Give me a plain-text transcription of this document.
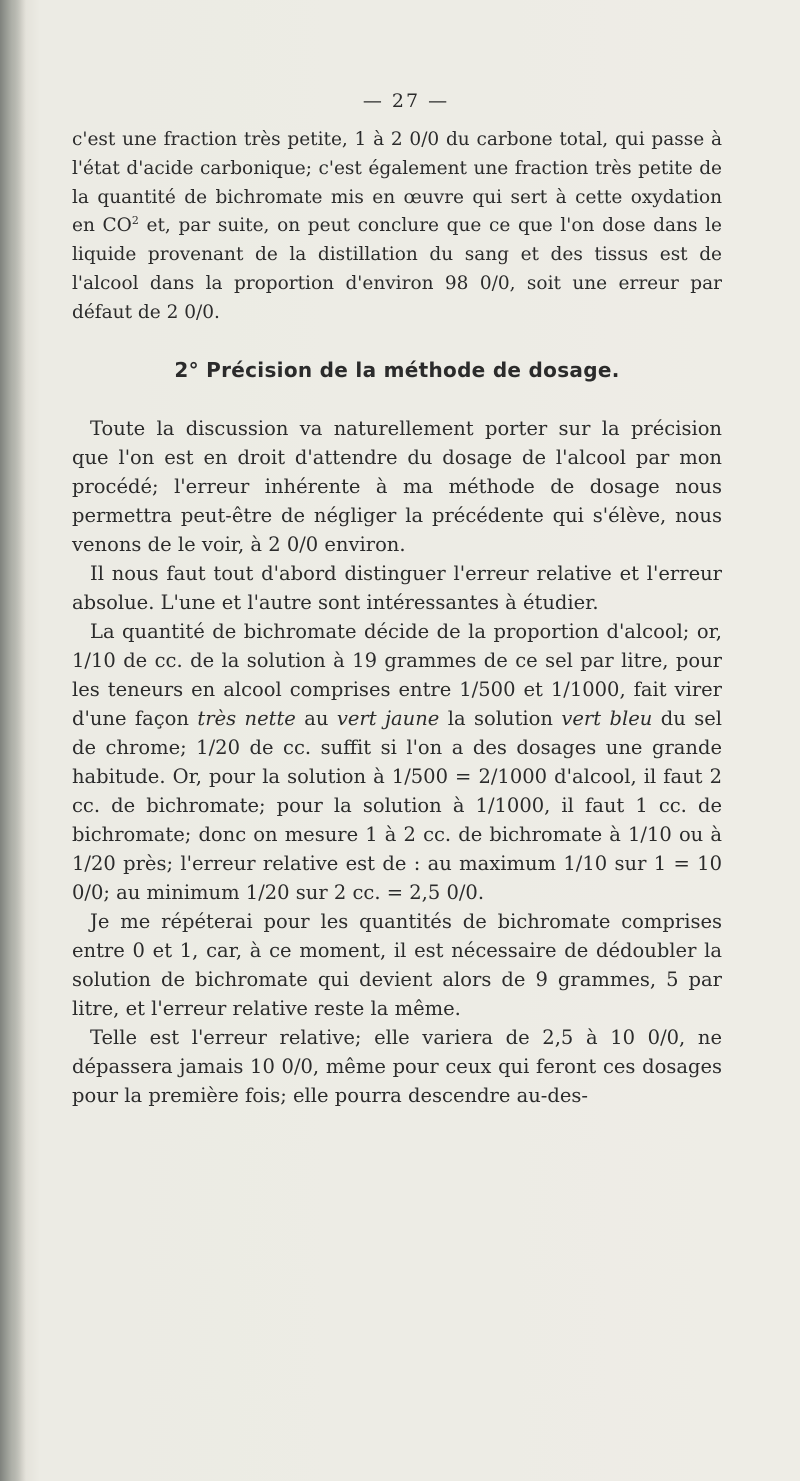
— 27 —

c'est une fraction très petite, 1 à 2 0/0 du carbone total, qui passe à l'état d'acide carbonique; c'est également une fraction très petite de la quantité de bichromate mis en œuvre qui sert à cette oxydation en $CO^2$ et, par suite, on peut conclure que ce que l'on dose dans le liquide provenant de la distillation du sang et des tissus est de l'alcool dans la proportion d'environ 98 0/0, soit une erreur par défaut de 2 0/0.

2° Précision de la méthode de dosage.

Toute la discussion va naturellement porter sur la précision que l'on est en droit d'attendre du dosage de l'alcool par mon procédé; l'erreur inhérente à ma méthode de dosage nous permettra peut-être de négliger la précédente qui s'élève, nous venons de le voir, à 2 0/0 environ.

Il nous faut tout d'abord distinguer l'erreur relative et l'erreur absolue. L'une et l'autre sont intéressantes à étudier.

La quantité de bichromate décide de la proportion d'alcool; or, 1/10 de cc. de la solution à 19 grammes de ce sel par litre, pour les teneurs en alcool comprises entre 1/500 et 1/1000, fait virer d'une façon très nette au vert jaune la solution vert bleu du sel de chrome; 1/20 de cc. suffit si l'on a des dosages une grande habitude. Or, pour la solution à 1/500 = 2/1000 d'alcool, il faut 2 cc. de bichromate; pour la solution à 1/1000, il faut 1 cc. de bichromate; donc on mesure 1 à 2 cc. de bichromate à 1/10 ou à 1/20 près; l'erreur relative est de : au maximum 1/10 sur 1 = 10 0/0; au minimum 1/20 sur 2 cc. = 2,5 0/0.

Je me répéterai pour les quantités de bichromate comprises entre 0 et 1, car, à ce moment, il est nécessaire de dédoubler la solution de bichromate qui devient alors de 9 grammes, 5 par litre, et l'erreur relative reste la même.

Telle est l'erreur relative; elle variera de 2,5 à 10 0/0, ne dépassera jamais 10 0/0, même pour ceux qui feront ces dosages pour la première fois; elle pourra descendre au-des-
